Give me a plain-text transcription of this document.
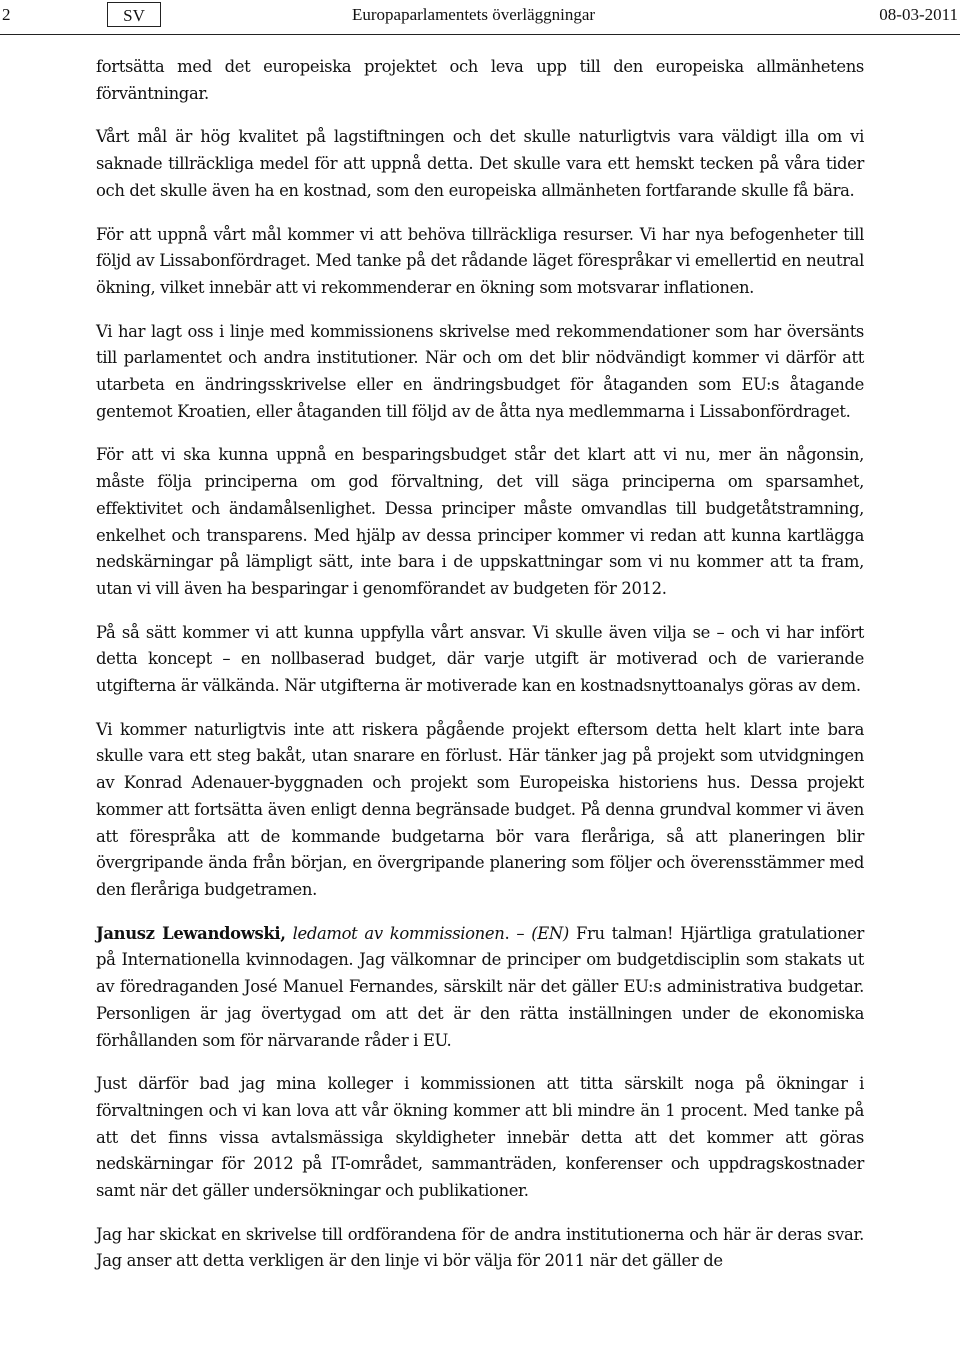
2	SV	Europaparlamentets överläggningar	08-03-2011

fortsätta med det europeiska projektet och leva upp till den europeiska allmänhetens förväntningar.

Vårt mål är hög kvalitet på lagstiftningen och det skulle naturligtvis vara väldigt illa om vi saknade tillräckliga medel för att uppnå detta. Det skulle vara ett hemskt tecken på våra tider och det skulle även ha en kostnad, som den europeiska allmänheten fortfarande skulle få bära.

För att uppnå vårt mål kommer vi att behöva tillräckliga resurser. Vi har nya befogenheter till följd av Lissabonfördraget. Med tanke på det rådande läget förespråkar vi emellertid en neutral ökning, vilket innebär att vi rekommenderar en ökning som motsvarar inflationen.

Vi har lagt oss i linje med kommissionens skrivelse med rekommendationer som har översänts till parlamentet och andra institutioner. När och om det blir nödvändigt kommer vi därför att utarbeta en ändringsskrivelse eller en ändringsbudget för åtaganden som EU:s åtagande gentemot Kroatien, eller åtaganden till följd av de åtta nya medlemmarna i Lissabonfördraget.

För att vi ska kunna uppnå en besparingsbudget står det klart att vi nu, mer än någonsin, måste följa principerna om god förvaltning, det vill säga principerna om sparsamhet, effektivitet och ändamålsenlighet. Dessa principer måste omvandlas till budgetåtstramning, enkelhet och transparens. Med hjälp av dessa principer kommer vi redan att kunna kartlägga nedskärningar på lämpligt sätt, inte bara i de uppskattningar som vi nu kommer att ta fram, utan vi vill även ha besparingar i genomförandet av budgeten för 2012.

På så sätt kommer vi att kunna uppfylla vårt ansvar. Vi skulle även vilja se – och vi har infört detta koncept – en nollbaserad budget, där varje utgift är motiverad och de varierande utgifterna är välkända. När utgifterna är motiverade kan en kostnadsnyttoanalys göras av dem.

Vi kommer naturligtvis inte att riskera pågående projekt eftersom detta helt klart inte bara skulle vara ett steg bakåt, utan snarare en förlust. Här tänker jag på projekt som utvidgningen av Konrad Adenauer-byggnaden och projekt som Europeiska historiens hus. Dessa projekt kommer att fortsätta även enligt denna begränsade budget. På denna grundval kommer vi även att förespråka att de kommande budgetarna bör vara fleråriga, så att planeringen blir övergripande ända från början, en övergripande planering som följer och överensstämmer med den fleråriga budgetramen.

Janusz Lewandowski, ledamot av kommissionen. – (EN) Fru talman! Hjärtliga gratulationer på Internationella kvinnodagen. Jag välkomnar de principer om budgetdisciplin som stakats ut av föredraganden José Manuel Fernandes, särskilt när det gäller EU:s administrativa budgetar. Personligen är jag övertygad om att det är den rätta inställningen under de ekonomiska förhållanden som för närvarande råder i EU.

Just därför bad jag mina kolleger i kommissionen att titta särskilt noga på ökningar i förvaltningen och vi kan lova att vår ökning kommer att bli mindre än 1 procent. Med tanke på att det finns vissa avtalsmässiga skyldigheter innebär detta att det kommer att göras nedskärningar för 2012 på IT-området, sammanträden, konferenser och uppdragskostnader samt när det gäller undersökningar och publikationer.

Jag har skickat en skrivelse till ordförandena för de andra institutionerna och här är deras svar. Jag anser att detta verkligen är den linje vi bör välja för 2011 när det gäller de
